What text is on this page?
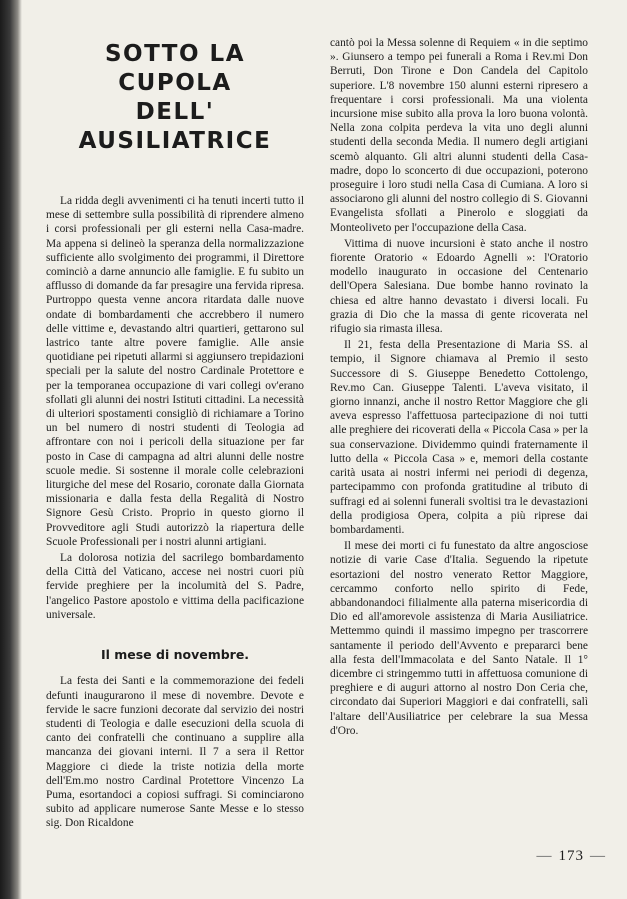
SOTTO LA CUPOLA
DELL' AUSILIATRICE

La ridda degli avvenimenti ci ha tenuti incerti tutto il mese di settembre sulla possibilità di riprendere almeno i corsi professionali per gli esterni nella Casa-madre. Ma appena si delineò la speranza della normalizzazione sufficiente allo svolgimento dei programmi, il Direttore cominciò a darne annuncio alle famiglie. E fu subito un afflusso di domande da far presagire una fervida ripresa. Purtroppo questa venne ancora ritardata dalle nuove ondate di bombardamenti che accrebbero il numero delle vittime e, devastando altri quartieri, gettarono sul lastrico tante altre povere famiglie. Alle ansie quotidiane pei ripetuti allarmi si aggiunsero trepidazioni speciali per la salute del nostro Cardinale Protettore e per la temporanea occupazione di vari collegi ov'erano sfollati gli alunni dei nostri Istituti cittadini. La necessità di ulteriori spostamenti consigliò di richiamare a Torino un bel numero di nostri studenti di Teologia ad affrontare con noi i pericoli della situazione per far posto in Case di campagna ad altri alunni delle nostre scuole medie. Si sostenne il morale colle celebrazioni liturgiche del mese del Rosario, coronate dalla Giornata missionaria e dalla festa della Regalità di Nostro Signore Gesù Cristo. Proprio in questo giorno il Provveditore agli Studi autorizzò la riapertura delle Scuole Professionali per i nostri alunni artigiani.

La dolorosa notizia del sacrilego bombardamento della Città del Vaticano, accese nei nostri cuori più fervide preghiere per la incolumità del S. Padre, l'angelico Pastore apostolo e vittima della pacificazione universale.

Il mese di novembre.

La festa dei Santi e la commemorazione dei fedeli defunti inaugurarono il mese di novembre. Devote e fervide le sacre funzioni decorate dal servizio dei nostri studenti di Teologia e dalle esecuzioni della scuola di canto dei confratelli che continuano a supplire alla mancanza dei giovani interni. Il 7 a sera il Rettor Maggiore ci diede la triste notizia della morte dell'Em.mo nostro Cardinal Protettore Vincenzo La Puma, esortandoci a copiosi suffragi. Si cominciarono subito ad applicare numerose Sante Messe e lo stesso sig. Don Ricaldone

cantò poi la Messa solenne di Requiem « in die septimo ». Giunsero a tempo pei funerali a Roma i Rev.mi Don Berruti, Don Tirone e Don Candela del Capitolo superiore. L'8 novembre 150 alunni esterni ripresero a frequentare i corsi professionali. Ma una violenta incursione mise subito alla prova la loro buona volontà. Nella zona colpita perdeva la vita uno degli alunni studenti della seconda Media. Il numero degli artigiani scemò alquanto. Gli altri alunni studenti della Casa-madre, dopo lo sconcerto di due occupazioni, poterono proseguire i loro studi nella Casa di Cumiana. A loro si associarono gli alunni del nostro collegio di S. Giovanni Evangelista sfollati a Pinerolo e sloggiati da Monteoliveto per l'occupazione della Casa.

Vittima di nuove incursioni è stato anche il nostro fiorente Oratorio « Edoardo Agnelli »: l'Oratorio modello inaugurato in occasione del Centenario dell'Opera Salesiana. Due bombe hanno rovinato la chiesa ed altre hanno devastato i diversi locali. Fu grazia di Dio che la massa di gente ricoverata nel rifugio sia rimasta illesa.

Il 21, festa della Presentazione di Maria SS. al tempio, il Signore chiamava al Premio il sesto Successore di S. Giuseppe Benedetto Cottolengo, Rev.mo Can. Giuseppe Talenti. L'aveva visitato, il giorno innanzi, anche il nostro Rettor Maggiore che gli aveva espresso l'affettuosa partecipazione di noi tutti alle preghiere dei ricoverati della « Piccola Casa » per la sua conservazione. Dividemmo quindi fraternamente il lutto della « Piccola Casa » e, memori della costante carità usata ai nostri infermi nei periodi di degenza, partecipammo con profonda gratitudine al tributo di suffragi ed ai solenni funerali svoltisi tra le devastazioni della prodigiosa Opera, colpita a più riprese dai bombardamenti.

Il mese dei morti ci fu funestato da altre angosciose notizie di varie Case d'Italia. Seguendo la ripetute esortazioni del nostro venerato Rettor Maggiore, cercammo conforto nello spirito di Fede, abbandonandoci filialmente alla paterna misericordia di Dio ed all'amorevole assistenza di Maria Ausiliatrice. Mettemmo quindi il massimo impegno per trascorrere santamente il periodo dell'Avvento e prepararci bene alla festa dell'Immacolata e del Santo Natale. Il 1° dicembre ci stringemmo tutti in affettuosa comunione di preghiere e di auguri attorno al nostro Don Ceria che, circondato dai Superiori Maggiori e dai confratelli, salì l'altare dell'Ausiliatrice per celebrare la sua Messa d'Oro.

— 173 —
